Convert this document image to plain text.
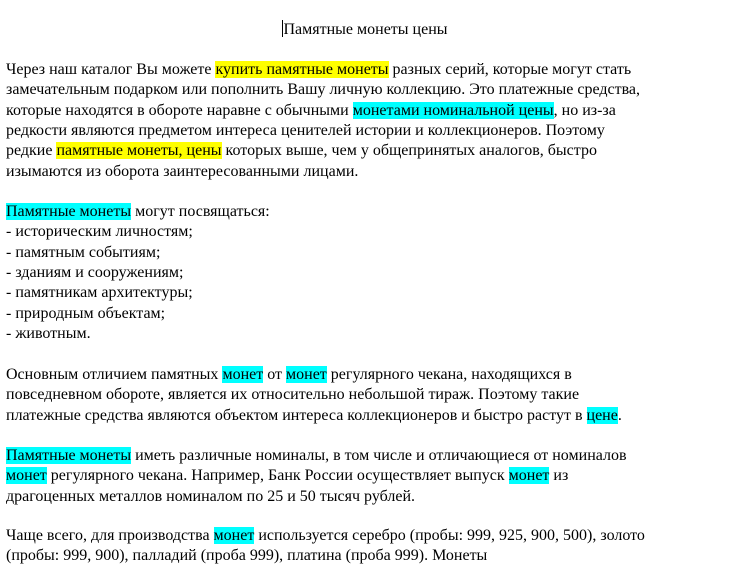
Памятные монеты цены
Через наш каталог Вы можете купить памятные монеты разных серий, которые могут стать
замечательным подарком или пополнить Вашу личную коллекцию. Это платежные средства,
которые находятся в обороте наравне с обычными монетами номинальной цены, но из-за
редкости являются предметом интереса ценителей истории и коллекционеров. Поэтому
редкие памятные монеты, цены которых выше, чем у общепринятых аналогов, быстро
изымаются из оборота заинтересованными лицами.
Памятные монеты могут посвящаться:
- историческим личностям;
- памятным событиям;
- зданиям и сооружениям;
- памятникам архитектуры;
- природным объектам;
- животным.
Основным отличием памятных монет от монет регулярного чекана, находящихся в
повседневном обороте, является их относительно небольшой тираж. Поэтому такие
платежные средства являются объектом интереса коллекционеров и быстро растут в цене.
Памятные монеты иметь различные номиналы, в том числе и отличающиеся от номиналов
монет регулярного чекана. Например, Банк России осуществляет выпуск монет из
драгоценных металлов номиналом по 25 и 50 тысяч рублей.
Чаще всего, для производства монет используется серебро (пробы: 999, 925, 900, 500), золото
(пробы: 999, 900), палладий (проба 999), платина (проба 999). Монеты
